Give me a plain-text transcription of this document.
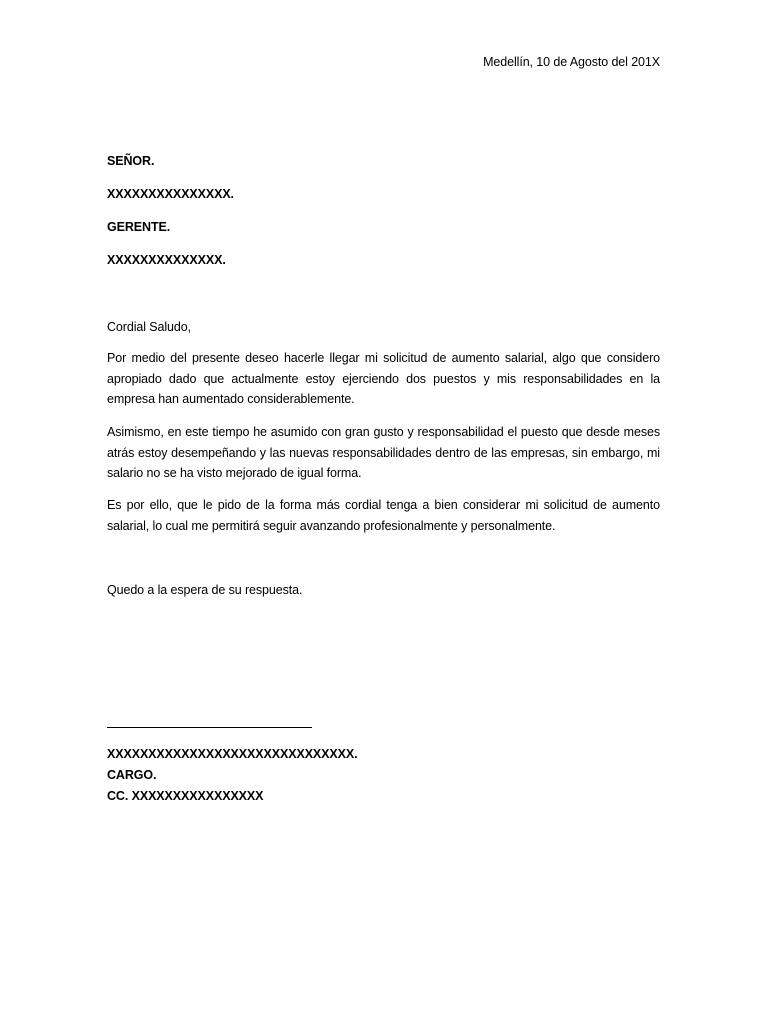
Medellín, 10 de Agosto del 201X
SEÑOR.
XXXXXXXXXXXXXXX.
GERENTE.
XXXXXXXXXXXXXX.
Cordial Saludo,
Por medio del presente deseo hacerle llegar mi solicitud de aumento salarial, algo que considero apropiado dado que actualmente estoy ejerciendo dos puestos y mis responsabilidades en la empresa han aumentado considerablemente.
Asimismo, en este tiempo he asumido con gran gusto y responsabilidad el puesto que desde meses atrás estoy desempeñando y las nuevas responsabilidades dentro de las empresas, sin embargo, mi salario no se ha visto mejorado de igual forma.
Es por ello, que le pido de la forma más cordial tenga a bien considerar mi solicitud de aumento salarial, lo cual me permitirá seguir avanzando profesionalmente y personalmente.
Quedo a la espera de su respuesta.
XXXXXXXXXXXXXXXXXXXXXXXXXXXXXX.
CARGO.
CC. XXXXXXXXXXXXXXXX
